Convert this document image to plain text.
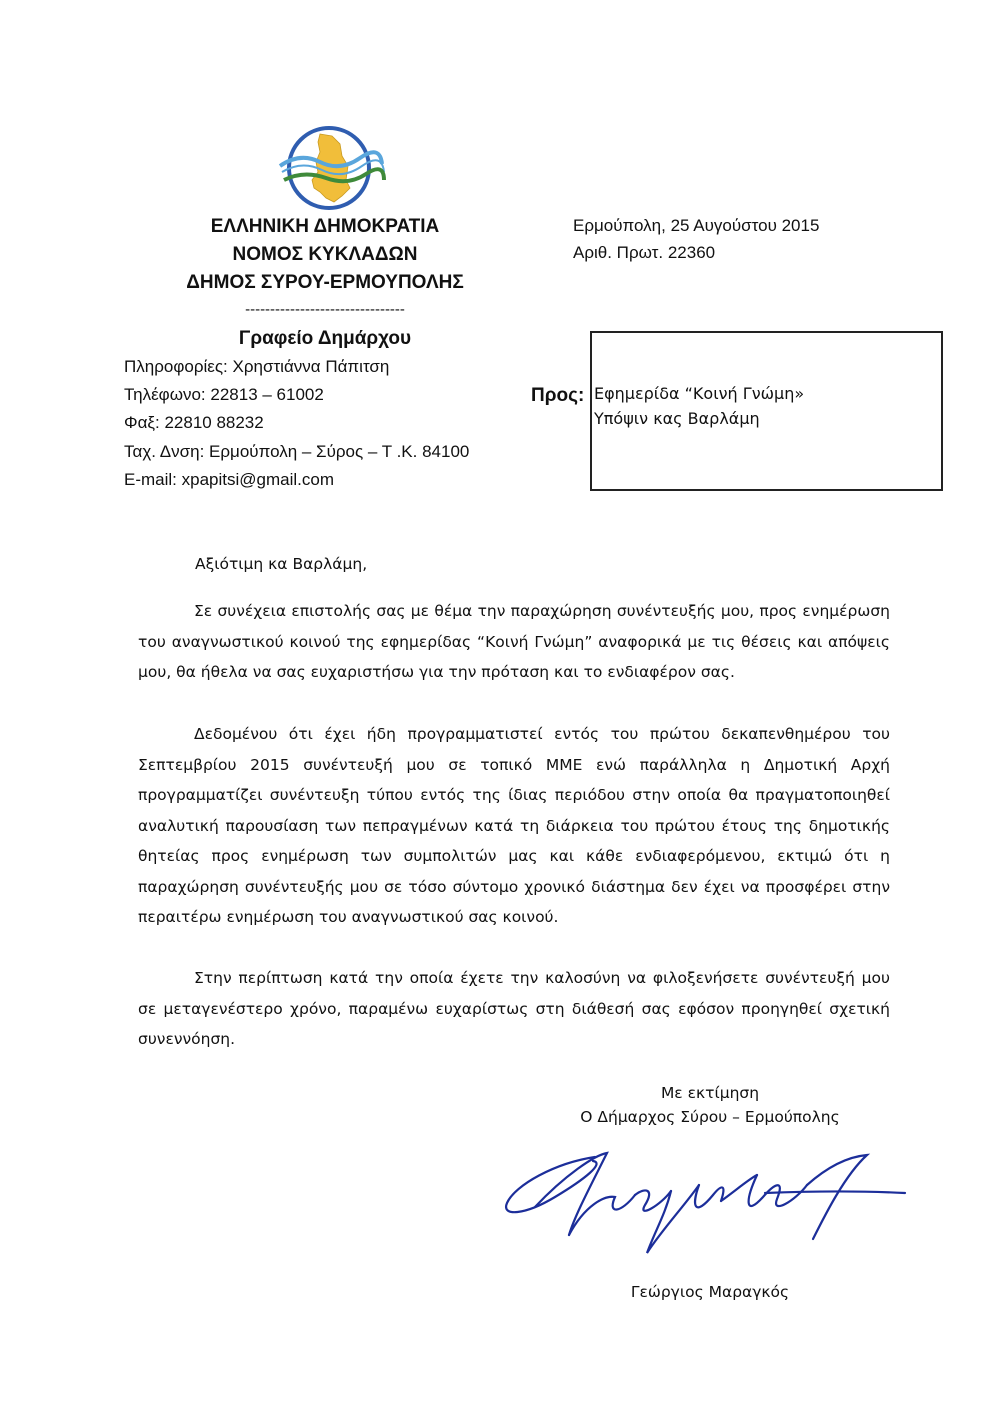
ΕΛΛΗΝΙΚΗ ΔΗΜΟΚΡΑΤΙΑ
ΝΟΜΟΣ ΚΥΚΛΑΔΩΝ
ΔΗΜΟΣ ΣΥΡΟΥ-ΕΡΜΟΥΠΟΛΗΣ
--------------------------------
Γραφείο Δημάρχου
Πληροφορίες: Χρηστιάννα Πάπιτση
Τηλέφωνο: 22813 – 61002
Φαξ: 22810 88232
Ταχ. Δνση: Ερμούπολη – Σύρος – Τ .Κ. 84100
E-mail: xpapitsi@gmail.com
Ερμούπολη, 25 Αυγούστου 2015
Αριθ. Πρωτ. 22360
Προς: Εφημερίδα “Κοινή Γνώμη»
Υπόψιν κας Βαρλάμη
Αξιότιμη κα Βαρλάμη,

Σε συνέχεια επιστολής σας με θέμα την παραχώρηση συνέντευξής μου, προς ενημέρωση του αναγνωστικού κοινού της εφημερίδας “Κοινή Γνώμη” αναφορικά με τις θέσεις και απόψεις μου, θα ήθελα να σας ευχαριστήσω για την πρόταση και το ενδιαφέρον σας.

Δεδομένου ότι έχει ήδη προγραμματιστεί εντός του πρώτου δεκαπενθημέρου του Σεπτεμβρίου 2015 συνέντευξή μου σε τοπικό ΜΜΕ ενώ παράλληλα η Δημοτική Αρχή προγραμματίζει συνέντευξη τύπου εντός της ίδιας περιόδου στην οποία θα πραγματοποιηθεί αναλυτική παρουσίαση των πεπραγμένων κατά τη διάρκεια του πρώτου έτους της δημοτικής θητείας προς ενημέρωση των συμπολιτών μας και κάθε ενδιαφερόμενου, εκτιμώ ότι η παραχώρηση συνέντευξής μου σε τόσο σύντομο χρονικό διάστημα δεν έχει να προσφέρει στην περαιτέρω ενημέρωση του αναγνωστικού σας κοινού.

Στην περίπτωση κατά την οποία έχετε την καλοσύνη να φιλοξενήσετε συνέντευξή μου σε μεταγενέστερο χρόνο, παραμένω ευχαρίστως στη διάθεσή σας εφόσον προηγηθεί σχετική συνεννόηση.

Με εκτίμηση
Ο Δήμαρχος Σύρου – Ερμούπολης
Γεώργιος Μαραγκός
